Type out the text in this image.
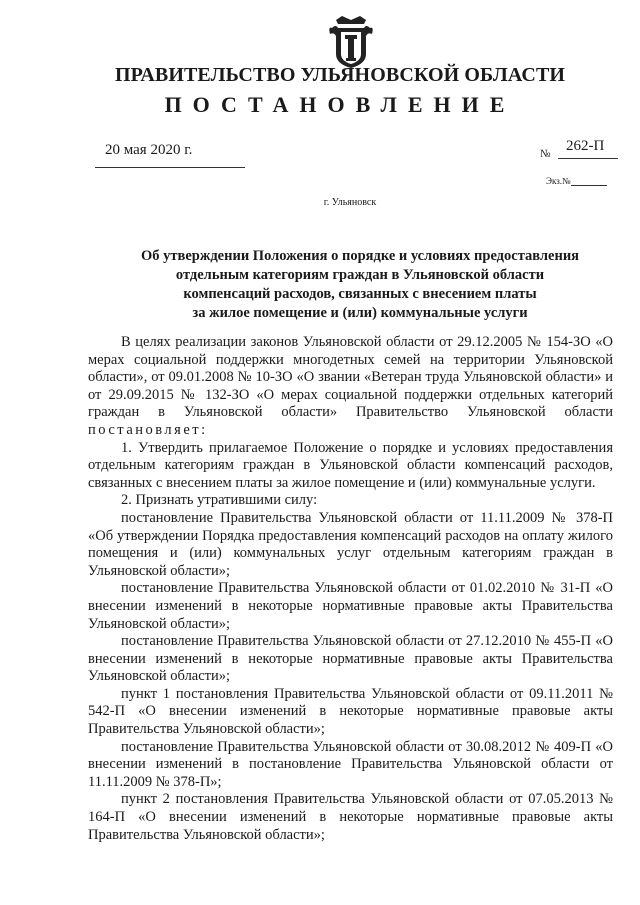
ПРАВИТЕЛЬСТВО УЛЬЯНОВСКОЙ ОБЛАСТИ
ПОСТАНОВЛЕНИЕ
20 мая 2020 г.	№ 262-П
Экз.№
г. Ульяновск
Об утверждении Положения о порядке и условиях предоставления
отдельным категориям граждан в Ульяновской области
компенсаций расходов, связанных с внесением платы
за жилое помещение и (или) коммунальные услуги

В целях реализации законов Ульяновской области от 29.12.2005 № 154-ЗО «О мерах социальной поддержки многодетных семей на территории Ульяновской области», от 09.01.2008 № 10-ЗО «О звании «Ветеран труда Ульяновской области» и от 29.09.2015 № 132-ЗО «О мерах социальной поддержки отдельных категорий граждан в Ульяновской области» Правительство Ульяновской области постановляет:

1. Утвердить прилагаемое Положение о порядке и условиях предоставления отдельным категориям граждан в Ульяновской области компенсаций расходов, связанных с внесением платы за жилое помещение и (или) коммунальные услуги.

2. Признать утратившими силу:

постановление Правительства Ульяновской области от 11.11.2009 № 378-П «Об утверждении Порядка предоставления компенсаций расходов на оплату жилого помещения и (или) коммунальных услуг отдельным категориям граждан в Ульяновской области»;

постановление Правительства Ульяновской области от 01.02.2010 № 31-П «О внесении изменений в некоторые нормативные правовые акты Правительства Ульяновской области»;

постановление Правительства Ульяновской области от 27.12.2010 № 455-П «О внесении изменений в некоторые нормативные правовые акты Правительства Ульяновской области»;

пункт 1 постановления Правительства Ульяновской области от 09.11.2011 № 542-П «О внесении изменений в некоторые нормативные правовые акты Правительства Ульяновской области»;

постановление Правительства Ульяновской области от 30.08.2012 № 409-П «О внесении изменений в постановление Правительства Ульяновской области от 11.11.2009 № 378-П»;

пункт 2 постановления Правительства Ульяновской области от 07.05.2013 № 164-П «О внесении изменений в некоторые нормативные правовые акты Правительства Ульяновской области»;
